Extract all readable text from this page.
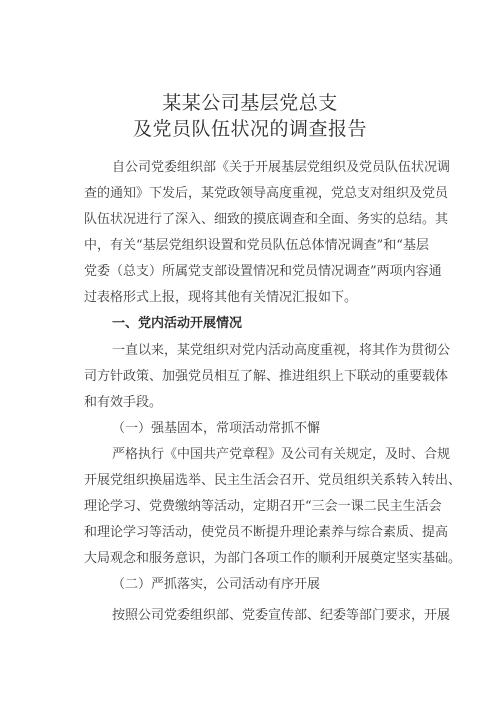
某某公司基层党总支
及党员队伍状况的调查报告
自公司党委组织部《关于开展基层党组织及党员队伍状况调
查的通知》下发后，某党政领导高度重视，党总支对组织及党员
队伍状况进行了深入、细致的摸底调查和全面、务实的总结。其
中，有关“基层党组织设置和党员队伍总体情况调查”和“基层
党委（总支）所属党支部设置情况和党员情况调查”两项内容通
过表格形式上报，现将其他有关情况汇报如下。
一、党内活动开展情况
一直以来，某党组织对党内活动高度重视，将其作为贯彻公
司方针政策、加强党员相互了解、推进组织上下联动的重要载体
和有效手段。
（一）强基固本，常项活动常抓不懈
严格执行《中国共产党章程》及公司有关规定，及时、合规
开展党组织换届选举、民主生活会召开、党员组织关系转入转出、
理论学习、党费缴纳等活动，定期召开“三会一课二民主生活会
和理论学习等活动，使党员不断提升理论素养与综合素质、提高
大局观念和服务意识，为部门各项工作的顺利开展奠定坚实基础。
（二）严抓落实，公司活动有序开展
按照公司党委组织部、党委宣传部、纪委等部门要求，开展
